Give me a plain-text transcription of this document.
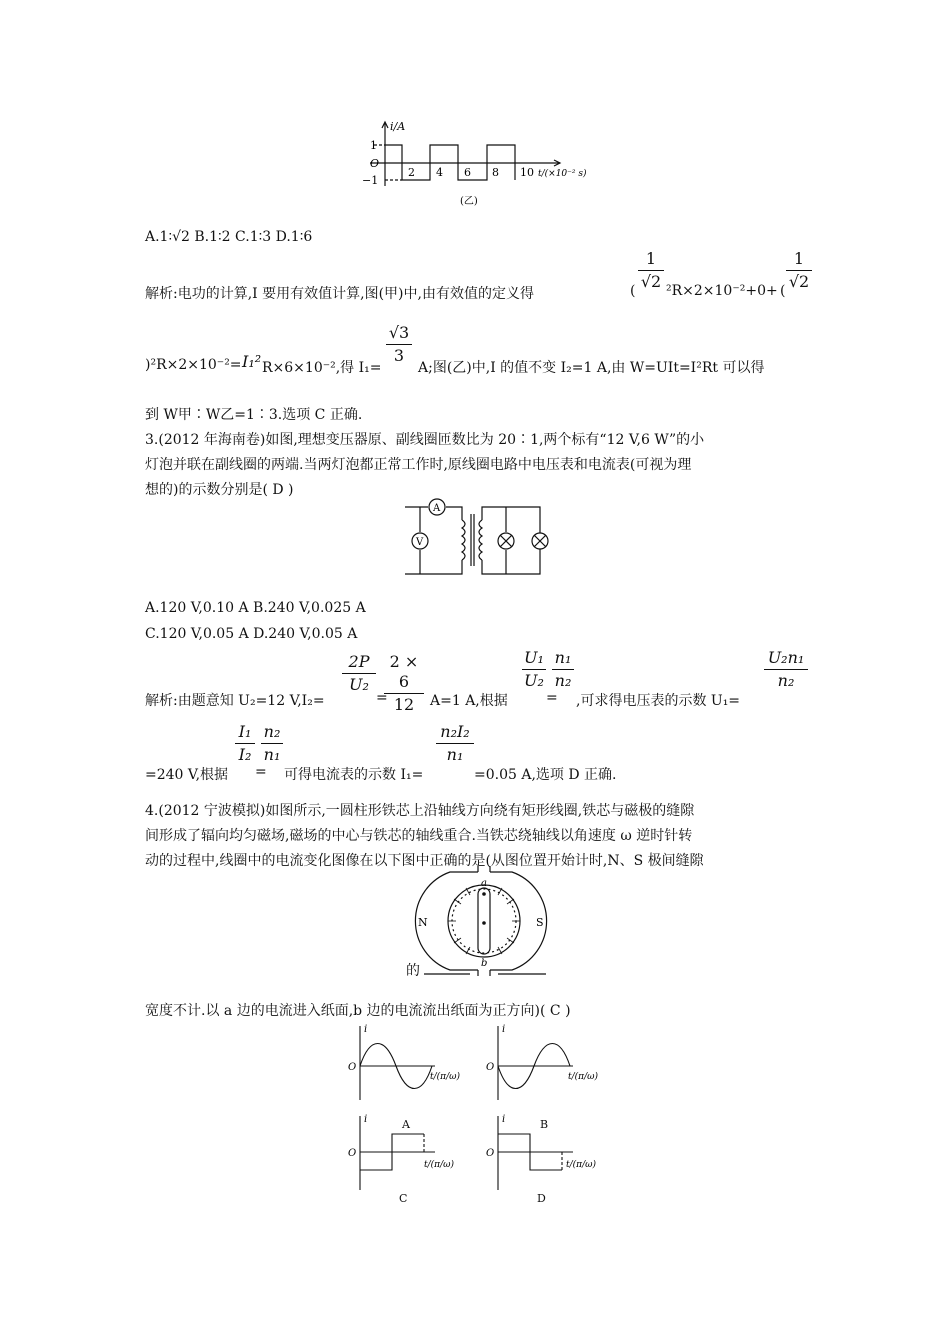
i/A
1
O
−1
2 4 6 8 10 t/(×10⁻² s)
(乙)
A.1∶√2 B.1∶2 C.1∶3 D.1∶6
解析:电功的计算,I 要用有效值计算,图(甲)中,由有效值的定义得	(
1
√2 ²R×2×10⁻²+0+ (
1
√2
)²R×2×10⁻²= I₁² R×6×10⁻²,得 I₁=
√3
3
A;图(乙)中,I 的值不变 I₂=1 A,由 W=UIt=I²Rt 可以得
到 W甲∶W乙=1∶3.选项 C 正确.
3.(2012 年海南卷)如图,理想变压器原、副线圈匝数比为 20∶1,两个标有“12 V,6 W”的小
灯泡并联在副线圈的两端.当两灯泡都正常工作时,原线圈电路中电压表和电流表(可视为理
想的)的示数分别是( D )
A
V
A.120 V,0.10 A B.240 V,0.025 A
C.120 V,0.05 A D.240 V,0.05 A
解析:由题意知 U₂=12 V,I₂=
2P
U₂
=
2 × 6
12	A=1 A,根据
U₁
U₂
=
n₁
n₂
,可求得电压表的示数 U₁=
U₂n₁
n₂
=240 V,根据
I₁
I₂
=
n₂
n₁
可得电流表的示数 I₁=
n₂I₂
n₁
=0.05 A,选项 D 正确.
4.(2012 宁波模拟)如图所示,一圆柱形铁芯上沿轴线方向绕有矩形线圈,铁芯与磁极的缝隙
间形成了辐向均匀磁场,磁场的中心与铁芯的轴线重合.当铁芯绕轴线以角速度 ω 逆时针转
动的过程中,线圈中的电流变化图像在以下图中正确的是(从图位置开始计时,N、S 极间缝隙
N	S
a
b
的
宽度不计.以 a 边的电流进入纸面,b 边的电流流出纸面为正方向)( C )
i
O
t/(π/ω)
A
i
O
t/(π/ω)
B
i
O
t/(π/ω)
C
i
O
t/(π/ω)
D
